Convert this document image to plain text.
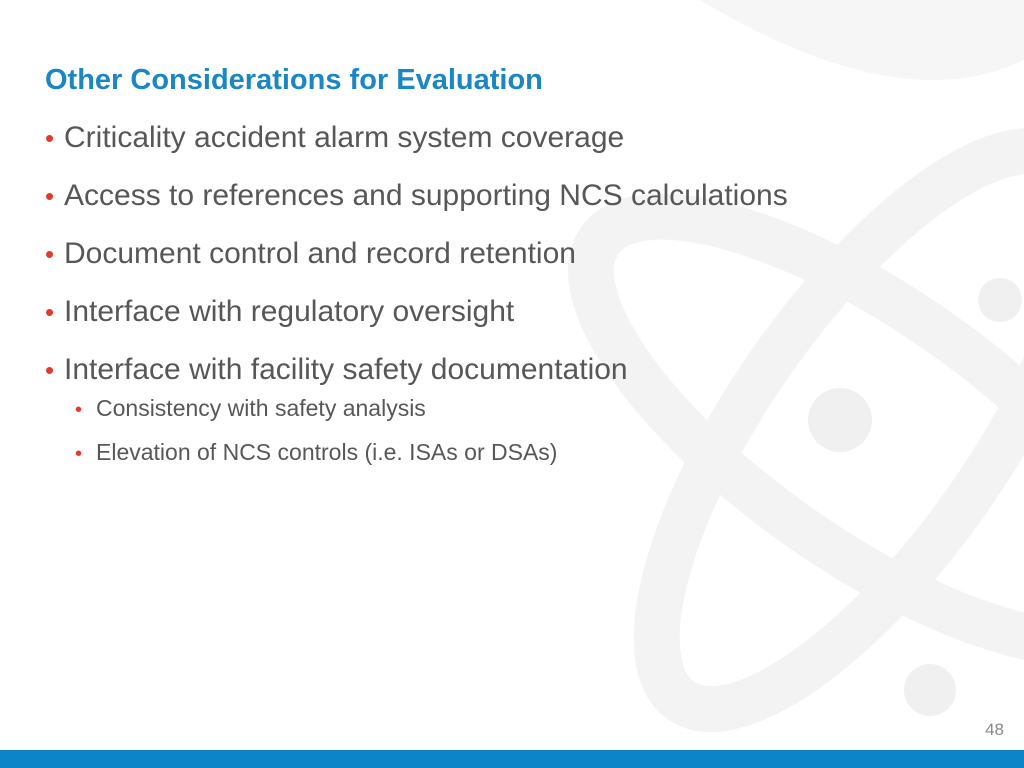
Other Considerations for Evaluation
• Criticality accident alarm system coverage
• Access to references and supporting NCS calculations
• Document control and record retention
• Interface with regulatory oversight
• Interface with facility safety documentation
• Consistency with safety analysis
• Elevation of NCS controls (i.e. ISAs or DSAs)
48
